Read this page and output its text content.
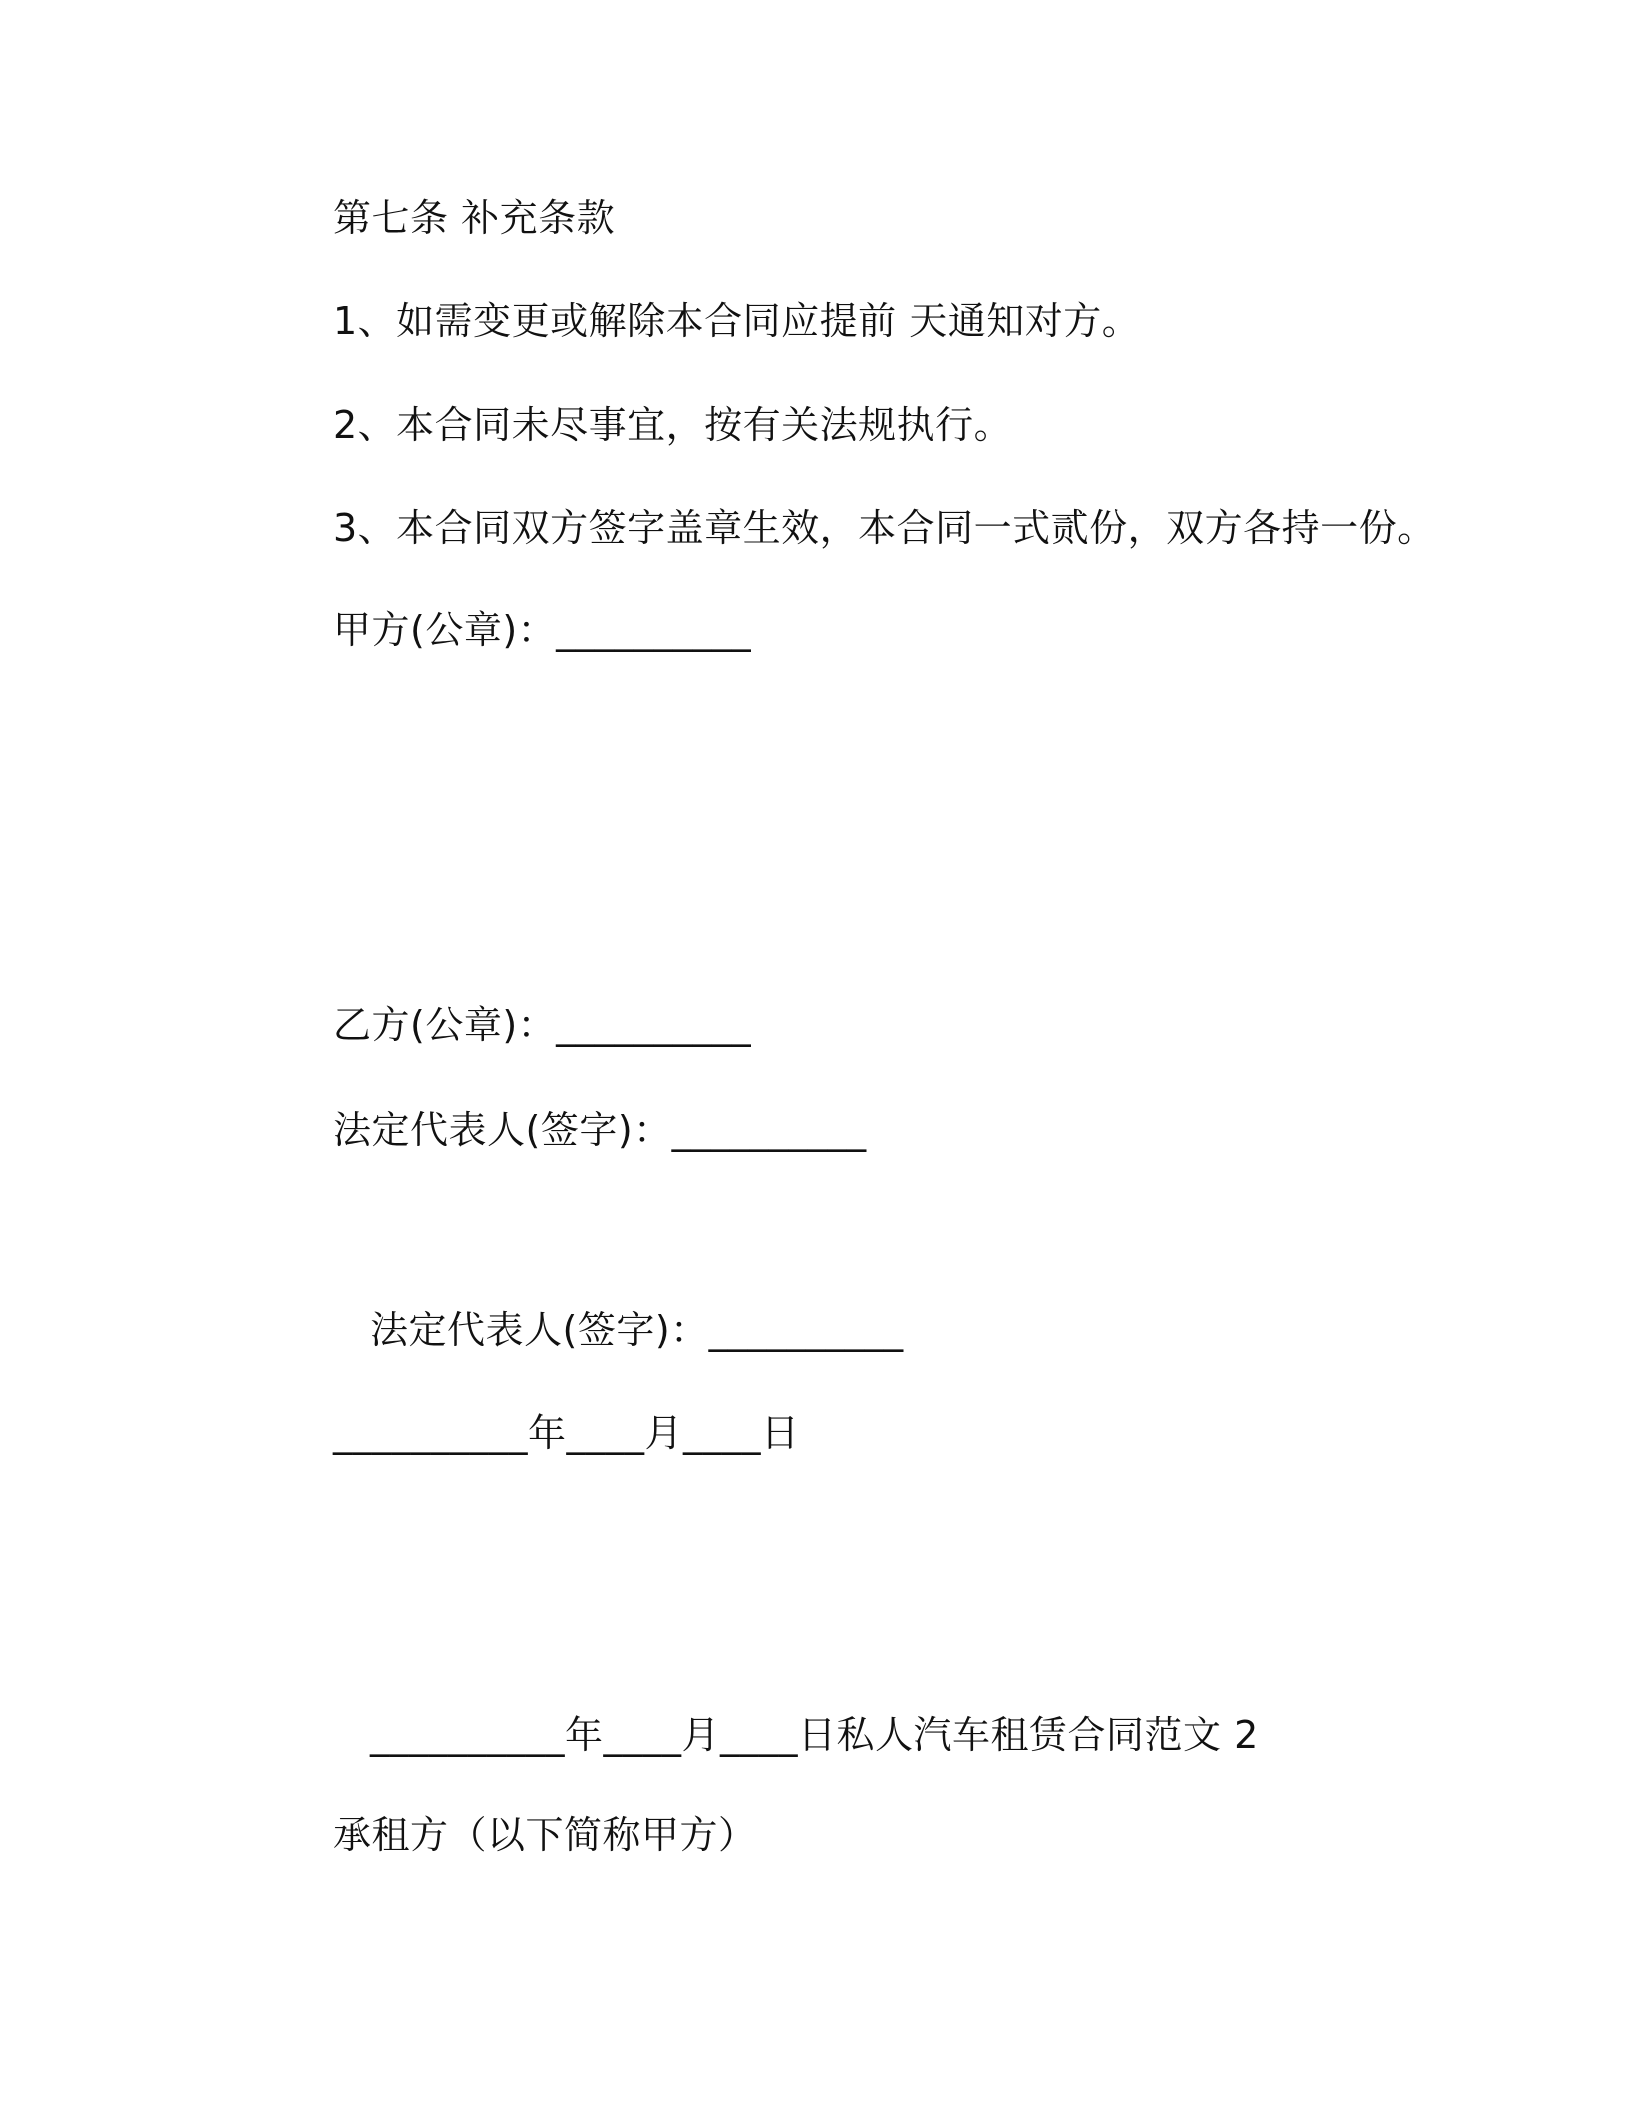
第七条 补充条款
1、如需变更或解除本合同应提前 天通知对方。
2、本合同未尽事宜，按有关法规执行。
3、本合同双方签字盖章生效，本合同一式贰份，双方各持一份。
甲方(公章)：__________
乙方(公章)：__________
法定代表人(签字)：__________
法定代表人(签字)：__________
__________年____月____日
__________年____月____日私人汽车租赁合同范文 2
承租方（以下简称甲方）
